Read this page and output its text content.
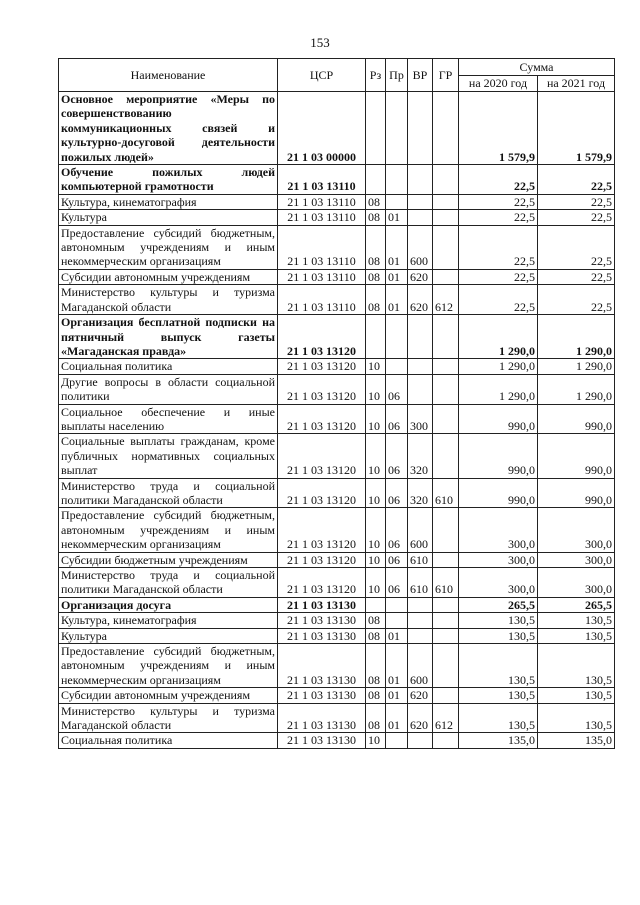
153
Наименование	ЦСР	Рз	Пр	ВР	ГР	Сумма	
						на 2020 год	на 2021 год
Основное мероприятие «Меры по совершенствованию коммуникационных связей и культурно-досуговой деятельности пожилых людей»	21 1 03 00000					1 579,9	1 579,9
Обучение пожилых людей компьютерной грамотности	21 1 03 13110					22,5	22,5
Культура, кинематография	21 1 03 13110	08				22,5	22,5
Культура	21 1 03 13110	08	01			22,5	22,5
Предоставление субсидий бюджетным, автономным учреждениям и иным некоммерческим организациям	21 1 03 13110	08	01	600		22,5	22,5
Субсидии автономным учреждениям	21 1 03 13110	08	01	620		22,5	22,5
Министерство культуры и туризма Магаданской области	21 1 03 13110	08	01	620	612	22,5	22,5
Организация бесплатной подписки на пятничный выпуск газеты «Магаданская правда»	21 1 03 13120					1 290,0	1 290,0
Социальная политика	21 1 03 13120	10				1 290,0	1 290,0
Другие вопросы в области социальной политики	21 1 03 13120	10	06			1 290,0	1 290,0
Социальное обеспечение и иные выплаты населению	21 1 03 13120	10	06	300		990,0	990,0
Социальные выплаты гражданам, кроме публичных нормативных социальных выплат	21 1 03 13120	10	06	320		990,0	990,0
Министерство труда и социальной политики Магаданской области	21 1 03 13120	10	06	320	610	990,0	990,0
Предоставление субсидий бюджетным, автономным учреждениям и иным некоммерческим организациям	21 1 03 13120	10	06	600		300,0	300,0
Субсидии бюджетным учреждениям	21 1 03 13120	10	06	610		300,0	300,0
Министерство труда и социальной политики Магаданской области	21 1 03 13120	10	06	610	610	300,0	300,0
Организация досуга	21 1 03 13130					265,5	265,5
Культура, кинематография	21 1 03 13130	08				130,5	130,5
Культура	21 1 03 13130	08	01			130,5	130,5
Предоставление субсидий бюджетным, автономным учреждениям и иным некоммерческим организациям	21 1 03 13130	08	01	600		130,5	130,5
Субсидии автономным учреждениям	21 1 03 13130	08	01	620		130,5	130,5
Министерство культуры и туризма Магаданской области	21 1 03 13130	08	01	620	612	130,5	130,5
Социальная политика	21 1 03 13130	10				135,0	135,0
